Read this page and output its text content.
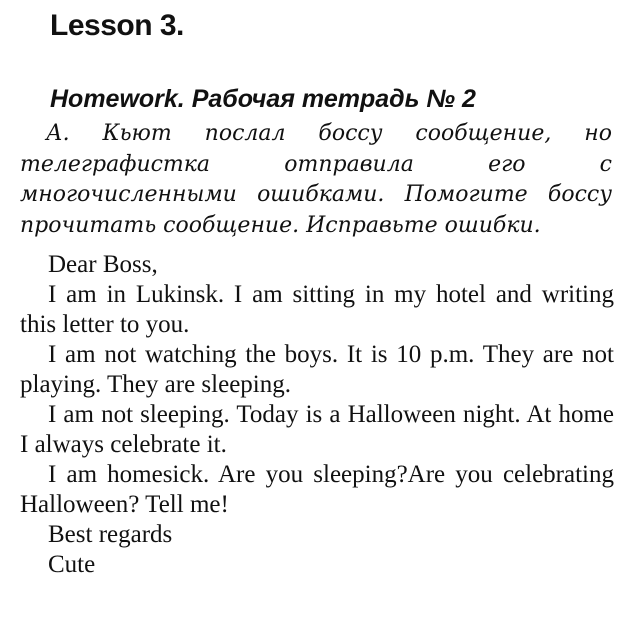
Lesson 3.
Homework. Рабочая тетрадь № 2

А. Кьют послал боссу сообщение, но телеграфистка отправила его с многочисленными ошибками. Помогите боссу прочитать сообщение. Исправьте ошибки.

Dear Boss,

I am in Lukinsk. I am sitting in my hotel and writing this letter to you.

I am not watching the boys. It is 10 p.m. They are not playing. They are sleeping.

I am not sleeping. Today is a Halloween night. At home I always celebrate it.

I am homesick. Are you sleeping?Are you celebrating Halloween? Tell me!

Best regards

Cute
